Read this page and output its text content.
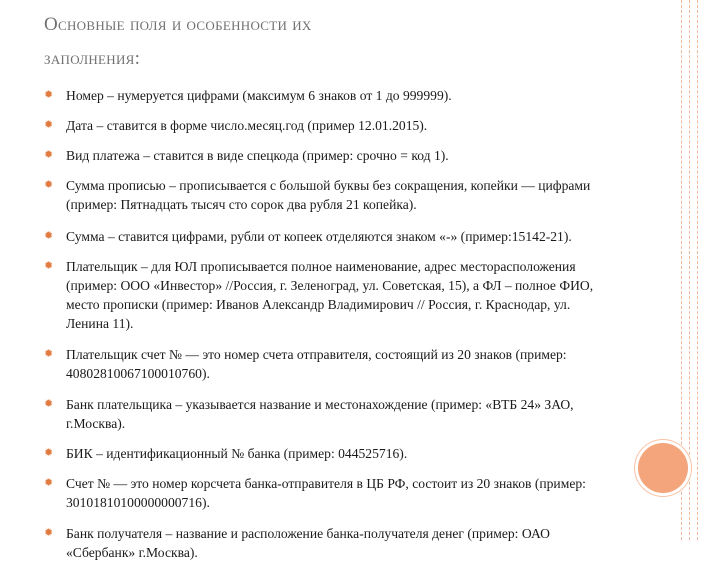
Основные поля и особенности их
заполнения:
✹ Номер – нумеруется цифрами (максимум 6 знаков от 1 до 999999).
✹ Дата – ставится в форме число.месяц.год (пример 12.01.2015).
✹ Вид платежа – ставится в виде спецкода (пример: срочно = код 1).
✹ Сумма прописью – прописывается с большой буквы без сокращения, копейки — цифрами (пример: Пятнадцать тысяч сто сорок два рубля 21 копейка).
✹ Сумма – ставится цифрами, рубли от копеек отделяются знаком «-» (пример:15142-21).
✹ Плательщик – для ЮЛ прописывается полное наименование, адрес месторасположения (пример: ООО «Инвестор» //Россия, г. Зеленоград, ул. Советская, 15), а ФЛ – полное ФИО, место прописки (пример: Иванов Александр Владимирович // Россия, г. Краснодар, ул. Ленина 11).
✹ Плательщик счет № — это номер счета отправителя, состоящий из 20 знаков (пример: 40802810067100010760).
✹ Банк плательщика – указывается название и местонахождение (пример: «ВТБ 24» ЗАО, г.Москва).
✹ БИК – идентификационный № банка (пример: 044525716).
✹ Счет № — это номер корсчета банка-отправителя в ЦБ РФ, состоит из 20 знаков (пример: 30101810100000000716).
✹ Банк получателя – название и расположение банка-получателя денег (пример: ОАО «Сбербанк» г.Москва).
